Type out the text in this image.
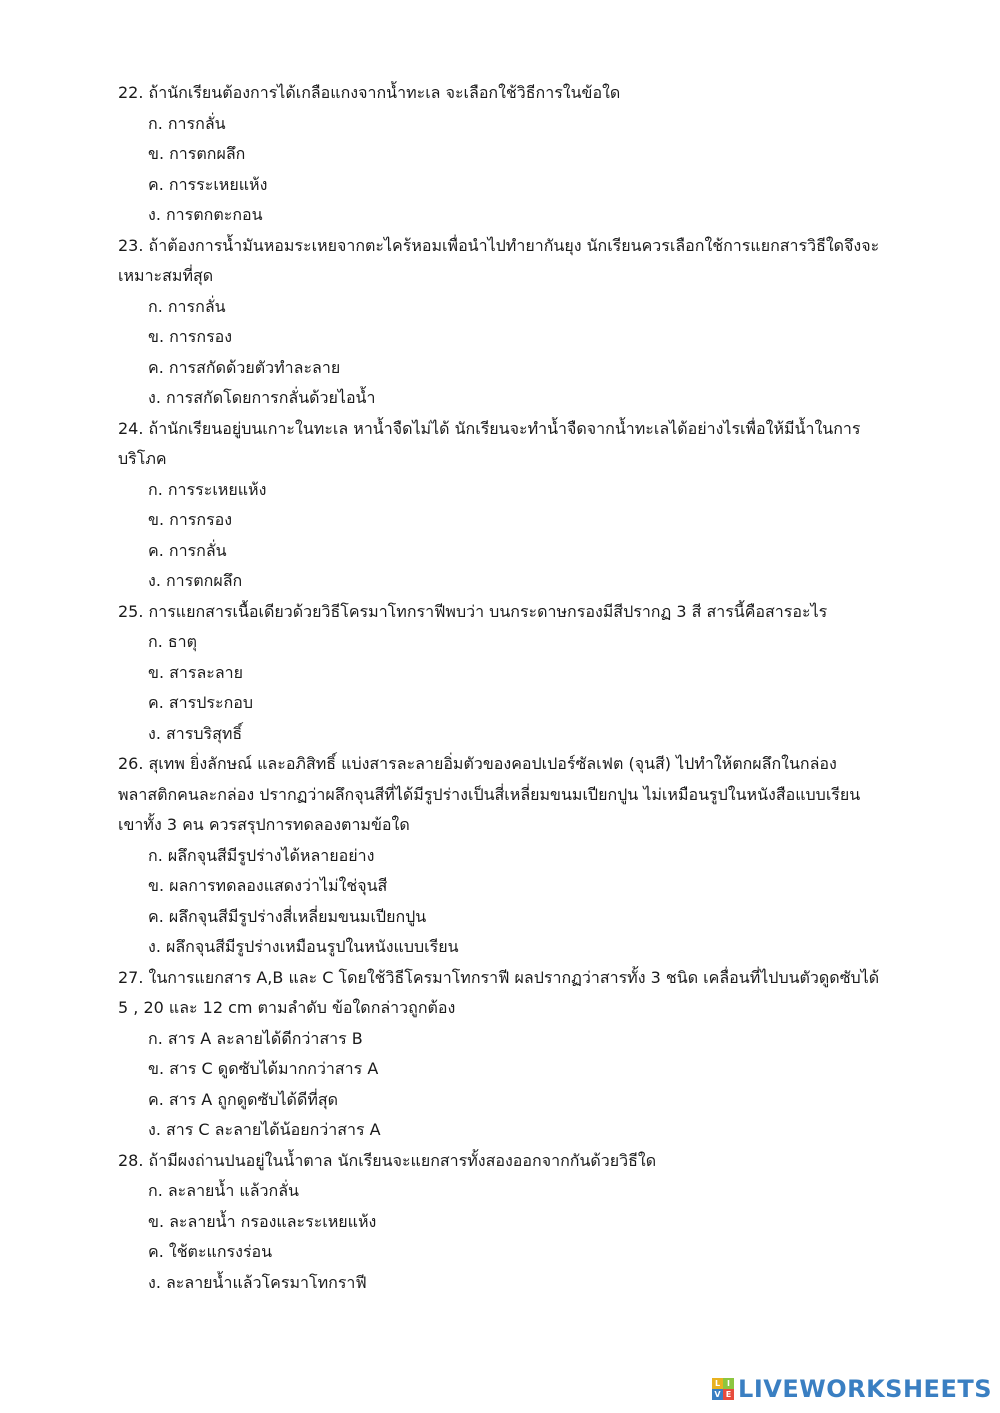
22. ถ้านักเรียนต้องการได้เกลือแกงจากน้ำทะเล จะเลือกใช้วิธีการในข้อใด

ก. การกลั่น

ข. การตกผลึก

ค. การระเหยแห้ง

ง. การตกตะกอน

23. ถ้าต้องการน้ำมันหอมระเหยจากตะไคร้หอมเพื่อนำไปทำยากันยุง นักเรียนควรเลือกใช้การแยกสารวิธีใดจึงจะเหมาะสมที่สุด

ก. การกลั่น

ข. การกรอง

ค. การสกัดด้วยตัวทำละลาย

ง. การสกัดโดยการกลั่นด้วยไอน้ำ

24. ถ้านักเรียนอยู่บนเกาะในทะเล หาน้ำจืดไม่ได้ นักเรียนจะทำน้ำจืดจากน้ำทะเลได้อย่างไรเพื่อให้มีน้ำในการบริโภค

ก. การระเหยแห้ง

ข. การกรอง

ค. การกลั่น

ง. การตกผลึก

25. การแยกสารเนื้อเดียวด้วยวิธีโครมาโทกราฟีพบว่า บนกระดาษกรองมีสีปรากฏ 3 สี สารนี้คือสารอะไร

ก. ธาตุ

ข. สารละลาย

ค. สารประกอบ

ง. สารบริสุทธิ์

26. สุเทพ ยิ่งลักษณ์ และอภิสิทธิ์ แบ่งสารละลายอิ่มตัวของคอปเปอร์ซัลเฟต (จุนสี) ไปทำให้ตกผลึกในกล่องพลาสติกคนละกล่อง ปรากฏว่าผลึกจุนสีที่ได้มีรูปร่างเป็นสี่เหลี่ยมขนมเปียกปูน ไม่เหมือนรูปในหนังสือแบบเรียน เขาทั้ง 3 คน ควรสรุปการทดลองตามข้อใด

ก. ผลึกจุนสีมีรูปร่างได้หลายอย่าง

ข. ผลการทดลองแสดงว่าไม่ใช่จุนสี

ค. ผลึกจุนสีมีรูปร่างสี่เหลี่ยมขนมเปียกปูน

ง. ผลึกจุนสีมีรูปร่างเหมือนรูปในหนังแบบเรียน

27. ในการแยกสาร A,B และ C โดยใช้วิธีโครมาโทกราฟี ผลปรากฏว่าสารทั้ง 3 ชนิด เคลื่อนที่ไปบนตัวดูดซับได้ 5 , 20 และ 12 cm ตามลำดับ ข้อใดกล่าวถูกต้อง

ก. สาร A ละลายได้ดีกว่าสาร B

ข. สาร C ดูดซับได้มากกว่าสาร A

ค. สาร A ถูกดูดซับได้ดีที่สุด

ง. สาร C ละลายได้น้อยกว่าสาร A

28. ถ้ามีผงถ่านปนอยู่ในน้ำตาล นักเรียนจะแยกสารทั้งสองออกจากกันด้วยวิธีใด

ก. ละลายน้ำ แล้วกลั่น

ข. ละลายน้ำ กรองและระเหยแห้ง

ค. ใช้ตะแกรงร่อน

ง. ละลายน้ำแล้วโครมาโทกราฟี

L I
V E LIVEWORKSHEETS
